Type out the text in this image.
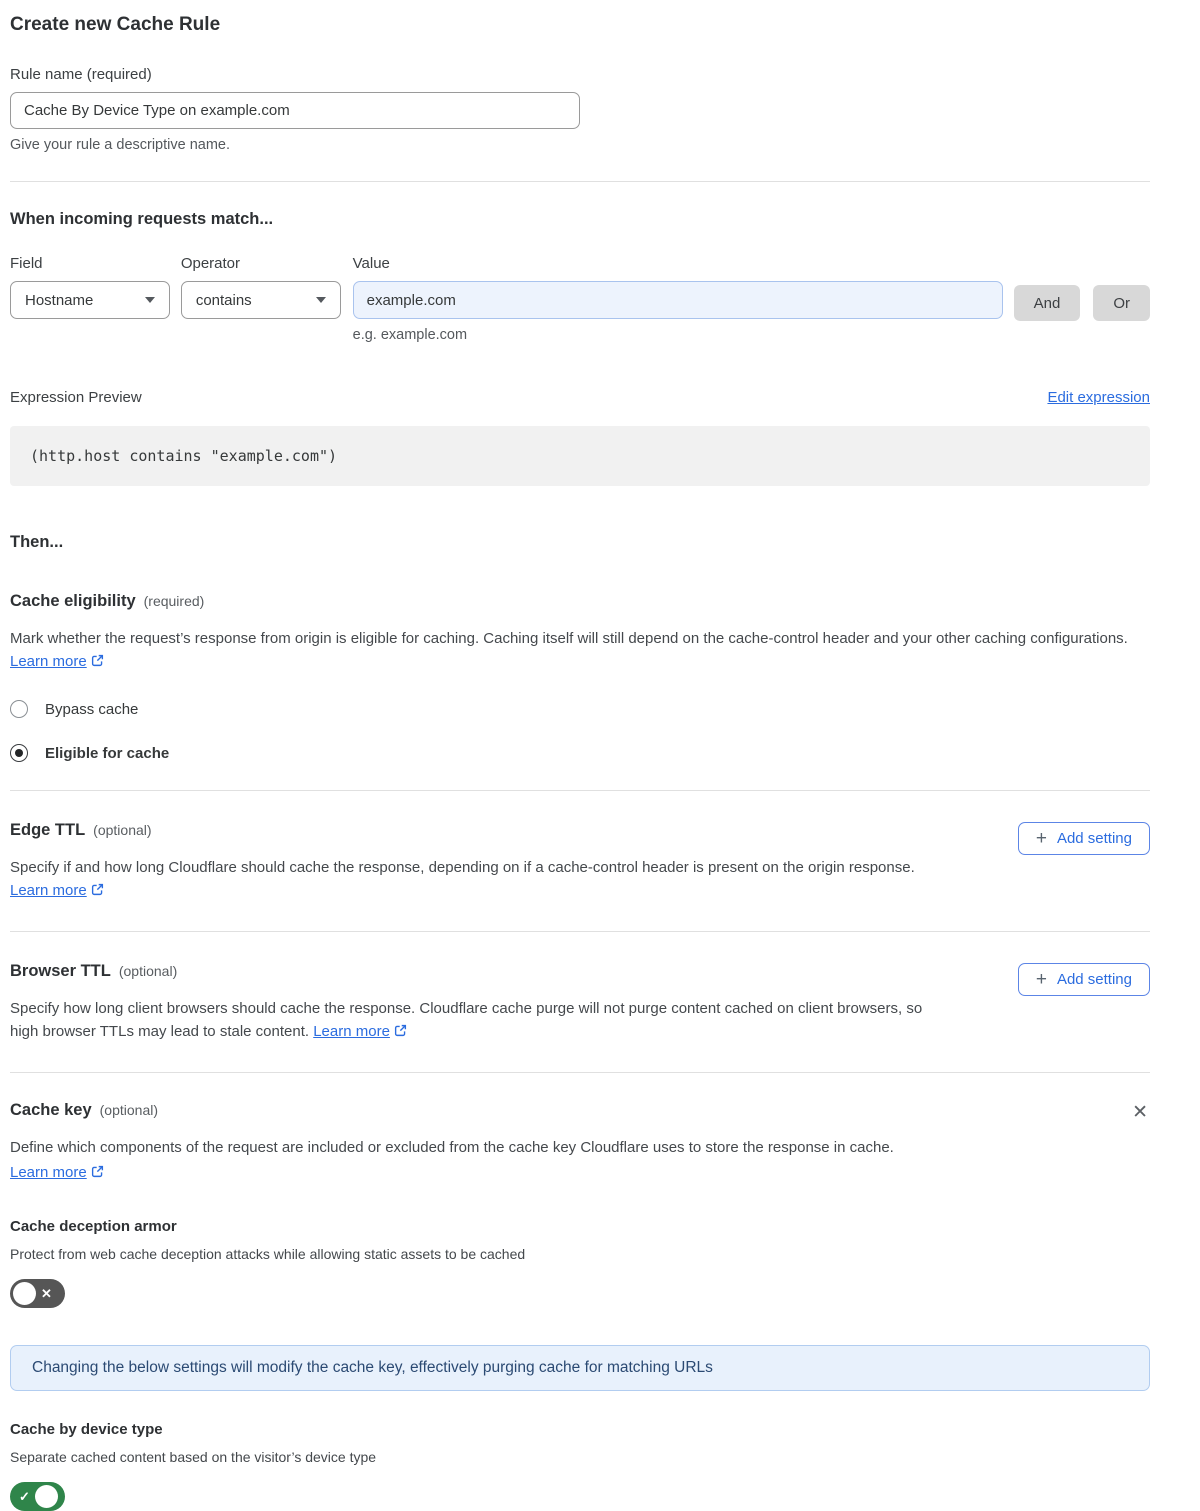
Create new Cache Rule
Rule name (required)
Cache By Device Type on example.com
Give your rule a descriptive name.
When incoming requests match...
Field
Hostname
Operator
contains
Value
example.com
e.g. example.com
And	Or
Expression Preview	Edit expression
(http.host contains "example.com")
Then...
Cache eligibility (required)

Mark whether the request’s response from origin is eligible for caching. Caching itself will still depend on the cache-control header and your other caching configurations. Learn more

Bypass cache
Eligible for cache
Edge TTL (optional)

Specify if and how long Cloudflare should cache the response, depending on if a cache-control header is present on the origin response. Learn more

+ Add setting
Browser TTL (optional)

Specify how long client browsers should cache the response. Cloudflare cache purge will not purge content cached on client browsers, so high browser TTLs may lead to stale content. Learn more

+ Add setting
✕
Cache key (optional)

Define which components of the request are included or excluded from the cache key Cloudflare uses to store the response in cache.

Learn more
Cache deception armor

Protect from web cache deception attacks while allowing static assets to be cached

✕
Changing the below settings will modify the cache key, effectively purging cache for matching URLs
Cache by device type

Separate cached content based on the visitor’s device type

✓
